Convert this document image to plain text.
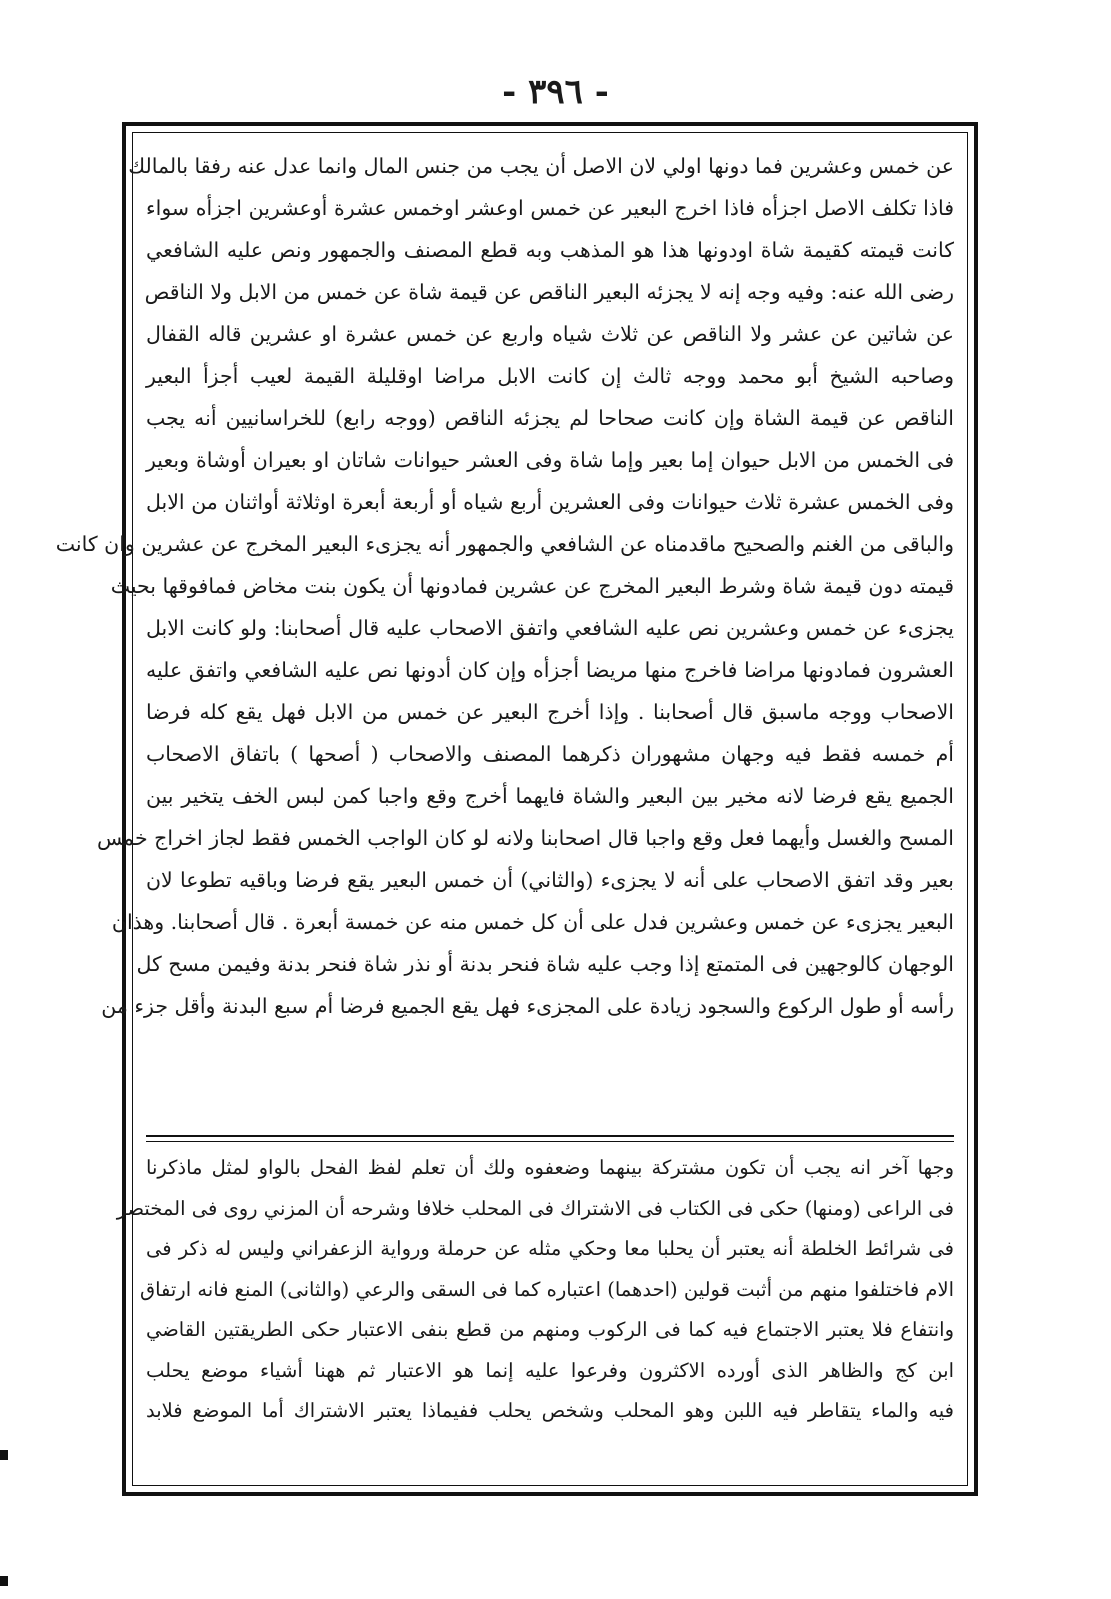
- ٣٩٦ -
عن خمس وعشرين فما دونها اولي لان الاصل أن يجب من جنس المال وانما عدل عنه رفقا بالمالك
فاذا تكلف الاصل اجزأه فاذا اخرج البعير عن خمس اوعشر اوخمس عشرة أوعشرين اجزأه سواء
كانت قيمته كقيمة شاة اودونها هذا هو المذهب وبه قطع المصنف والجمهور ونص عليه الشافعي
رضى الله عنه: وفيه وجه إنه لا يجزئه البعير الناقص عن قيمة شاة عن خمس من الابل ولا الناقص
عن شاتين عن عشر ولا الناقص عن ثلاث شياه واربع عن خمس عشرة او عشرين قاله القفال
وصاحبه الشيخ أبو محمد ووجه ثالث إن كانت الابل مراضا اوقليلة القيمة لعيب أجزأ البعير
الناقص عن قيمة الشاة وإن كانت صحاحا لم يجزئه الناقص (ووجه رابع) للخراسانيين أنه يجب
فى الخمس من الابل حيوان إما بعير وإما شاة وفى العشر حيوانات شاتان او بعيران أوشاة وبعير
وفى الخمس عشرة ثلاث حيوانات وفى العشرين أربع شياه أو أربعة أبعرة اوثلاثة أواثنان من الابل
والباقى من الغنم والصحيح ماقدمناه عن الشافعي والجمهور أنه يجزىء البعير المخرج عن عشرين وان كانت
قيمته دون قيمة شاة وشرط البعير المخرج عن عشرين فمادونها أن يكون بنت مخاض فمافوقها بحيث
يجزىء عن خمس وعشرين نص عليه الشافعي واتفق الاصحاب عليه قال أصحابنا: ولو كانت الابل
العشرون فمادونها مراضا فاخرج منها مريضا أجزأه وإن كان أدونها نص عليه الشافعي واتفق عليه
الاصحاب ووجه ماسبق قال أصحابنا . وإذا أخرج البعير عن خمس من الابل فهل يقع كله فرضا
أم خمسه فقط فيه وجهان مشهوران ذكرهما المصنف والاصحاب ( أصحها ) باتفاق الاصحاب
الجميع يقع فرضا لانه مخير بين البعير والشاة فايهما أخرج وقع واجبا كمن لبس الخف يتخير بين
المسح والغسل وأيهما فعل وقع واجبا قال اصحابنا ولانه لو كان الواجب الخمس فقط لجاز اخراج خمس
بعير وقد اتفق الاصحاب على أنه لا يجزىء (والثاني) أن خمس البعير يقع فرضا وباقيه تطوعا لان
البعير يجزىء عن خمس وعشرين فدل على أن كل خمس منه عن خمسة أبعرة . قال أصحابنا. وهذان
الوجهان كالوجهين فى المتمتع إذا وجب عليه شاة فنحر بدنة أو نذر شاة فنحر بدنة وفيمن مسح كل
رأسه أو طول الركوع والسجود زيادة على المجزىء فهل يقع الجميع فرضا أم سبع البدنة وأقل جزء من
وجها آخر انه يجب أن تكون مشتركة بينهما وضعفوه ولك أن تعلم لفظ الفحل بالواو لمثل ماذكرنا
فى الراعى (ومنها) حكى فى الكتاب فى الاشتراك فى المحلب خلافا وشرحه أن المزني روى فى المختصر
فى شرائط الخلطة أنه يعتبر أن يحلبا معا وحكي مثله عن حرملة ورواية الزعفراني وليس له ذكر فى
الام فاختلفوا منهم من أثبت قولين (احدهما) اعتباره كما فى السقى والرعي (والثانى) المنع فانه ارتفاق
وانتفاع فلا يعتبر الاجتماع فيه كما فى الركوب ومنهم من قطع بنفى الاعتبار حكى الطريقتين القاضي
ابن كج والظاهر الذى أورده الاكثرون وفرعوا عليه إنما هو الاعتبار ثم ههنا أشياء موضع يحلب
فيه والماء يتقاطر فيه اللبن وهو المحلب وشخص يحلب ففيماذا يعتبر الاشتراك أما الموضع فلابد
